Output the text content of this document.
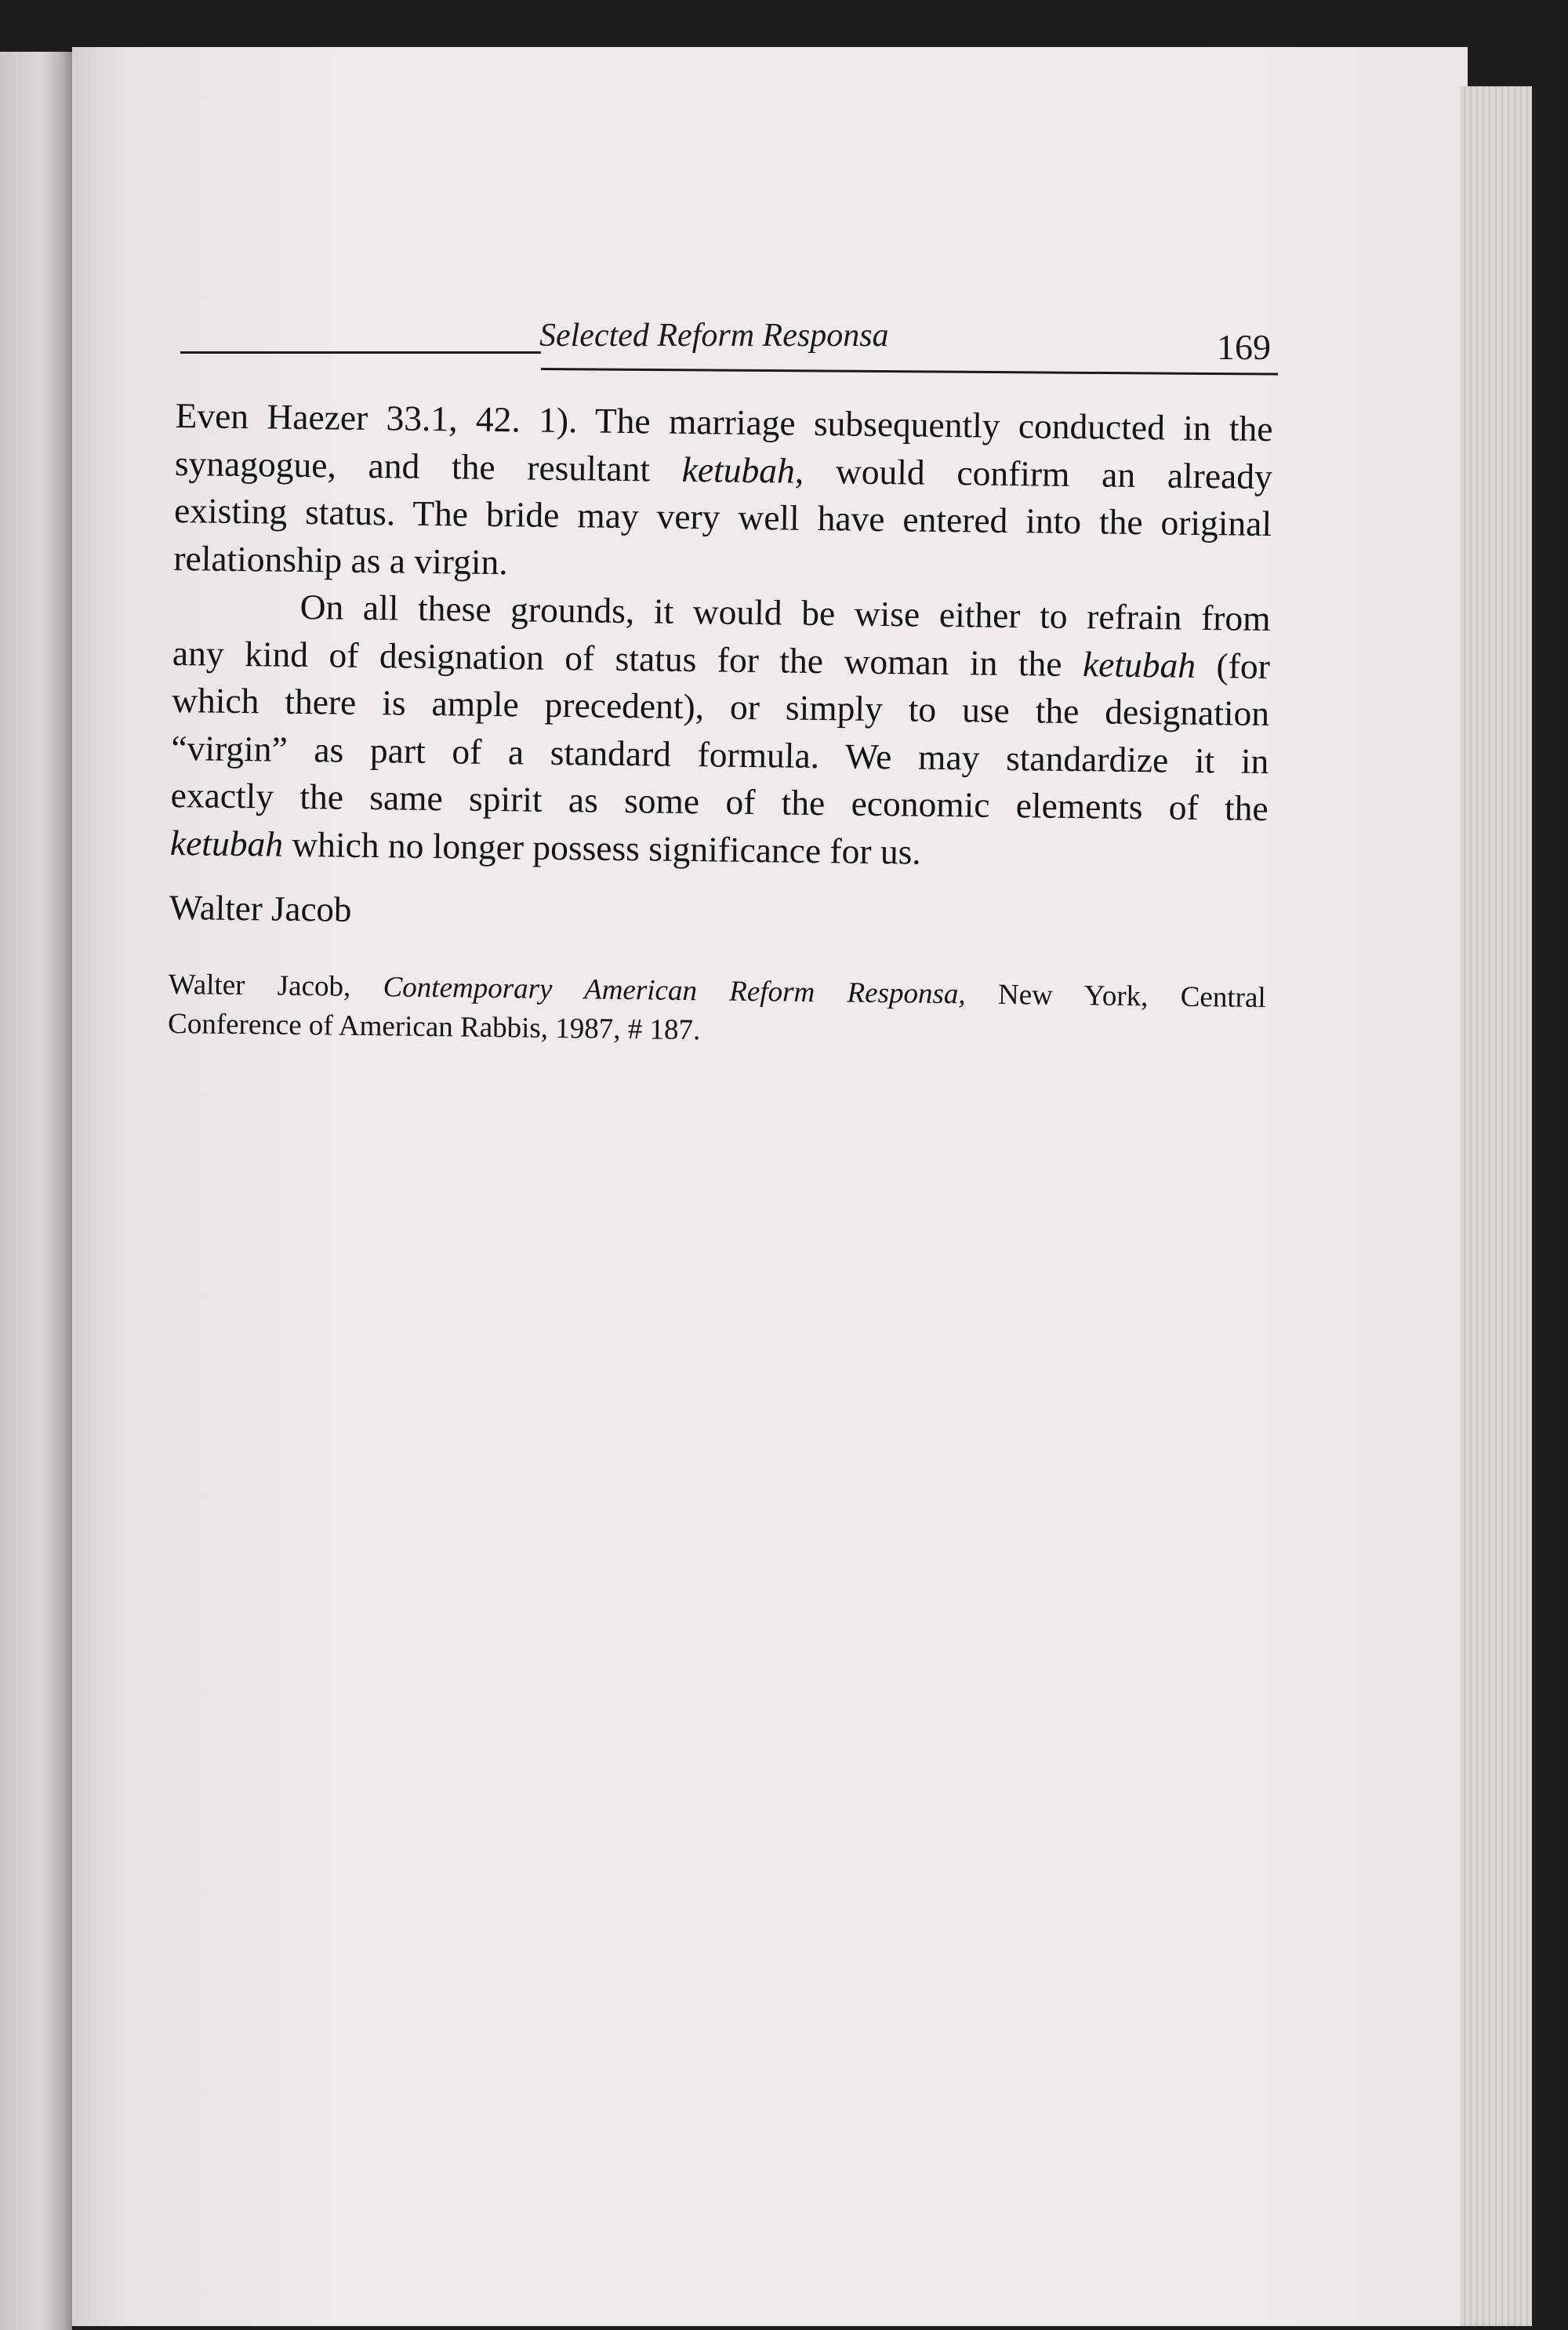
Selected Reform Responsa	169
Even Haezer 33.1, 42. 1). The marriage subsequently conducted in the
synagogue, and the resultant ketubah, would confirm an already
existing status. The bride may very well have entered into the original
relationship as a virgin.
On all these grounds, it would be wise either to refrain from
any kind of designation of status for the woman in the ketubah (for
which there is ample precedent), or simply to use the designation
“virgin” as part of a standard formula. We may standardize it in
exactly the same spirit as some of the economic elements of the
ketubah which no longer possess significance for us.
Walter Jacob
Walter Jacob, Contemporary American Reform Responsa, New York, Central
Conference of American Rabbis, 1987, # 187.
